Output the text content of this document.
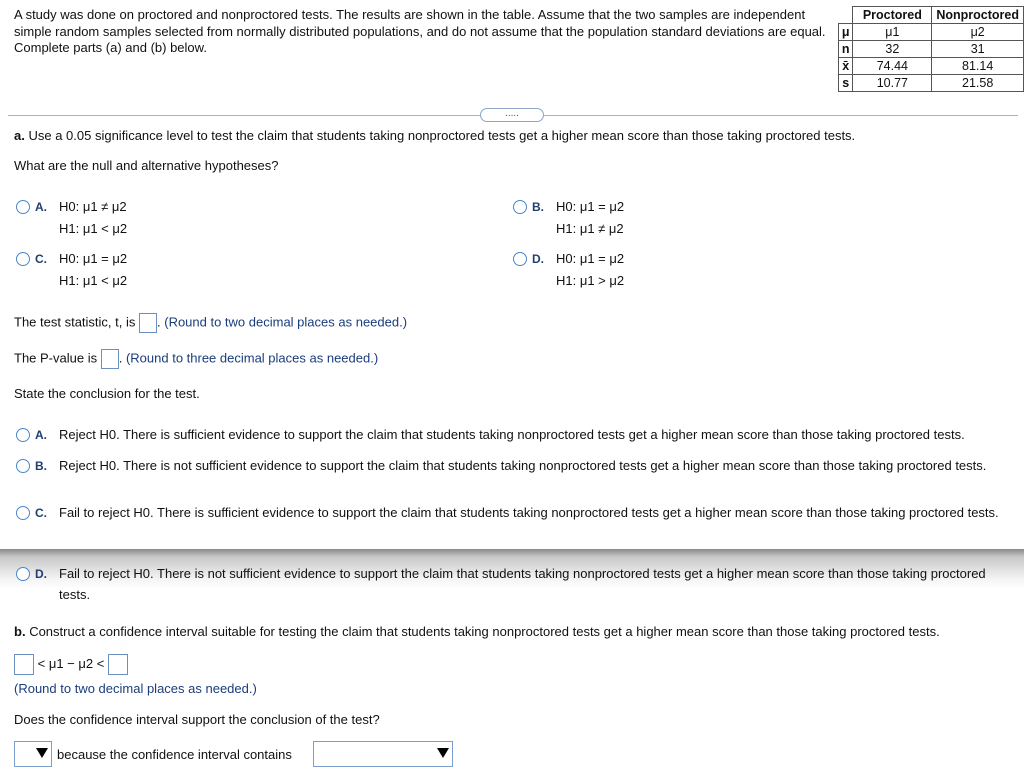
A study was done on proctored and nonproctored tests. The results are shown in the table. Assume that the two samples are independent simple random samples selected from normally distributed populations, and do not assume that the population standard deviations are equal. Complete parts (a) and (b) below.
	Proctored	Nonproctored
μ	μ1	μ2
n	32	31
x̄	74.44	81.14
s	10.77	21.58
.....
a. Use a 0.05 significance level to test the claim that students taking nonproctored tests get a higher mean score than those taking proctored tests.
What are the null and alternative hypotheses?
A. H0: μ1 ≠ μ2
H1: μ1 < μ2
B. H0: μ1 = μ2
H1: μ1 ≠ μ2
C. H0: μ1 = μ2
H1: μ1 < μ2
D. H0: μ1 = μ2
H1: μ1 > μ2
The test statistic, t, is . (Round to two decimal places as needed.)
The P-value is . (Round to three decimal places as needed.)
State the conclusion for the test.
A. Reject H0. There is sufficient evidence to support the claim that students taking nonproctored tests get a higher mean score than those taking proctored tests.
B. Reject H0. There is not sufficient evidence to support the claim that students taking nonproctored tests get a higher mean score than those taking proctored tests.
C. Fail to reject H0. There is sufficient evidence to support the claim that students taking nonproctored tests get a higher mean score than those taking proctored tests.
D. Fail to reject H0. There is not sufficient evidence to support the claim that students taking nonproctored tests get a higher mean score than those taking proctored tests.
b. Construct a confidence interval suitable for testing the claim that students taking nonproctored tests get a higher mean score than those taking proctored tests.
< μ1 − μ2 <
(Round to two decimal places as needed.)
Does the confidence interval support the conclusion of the test?
because the confidence interval contains
